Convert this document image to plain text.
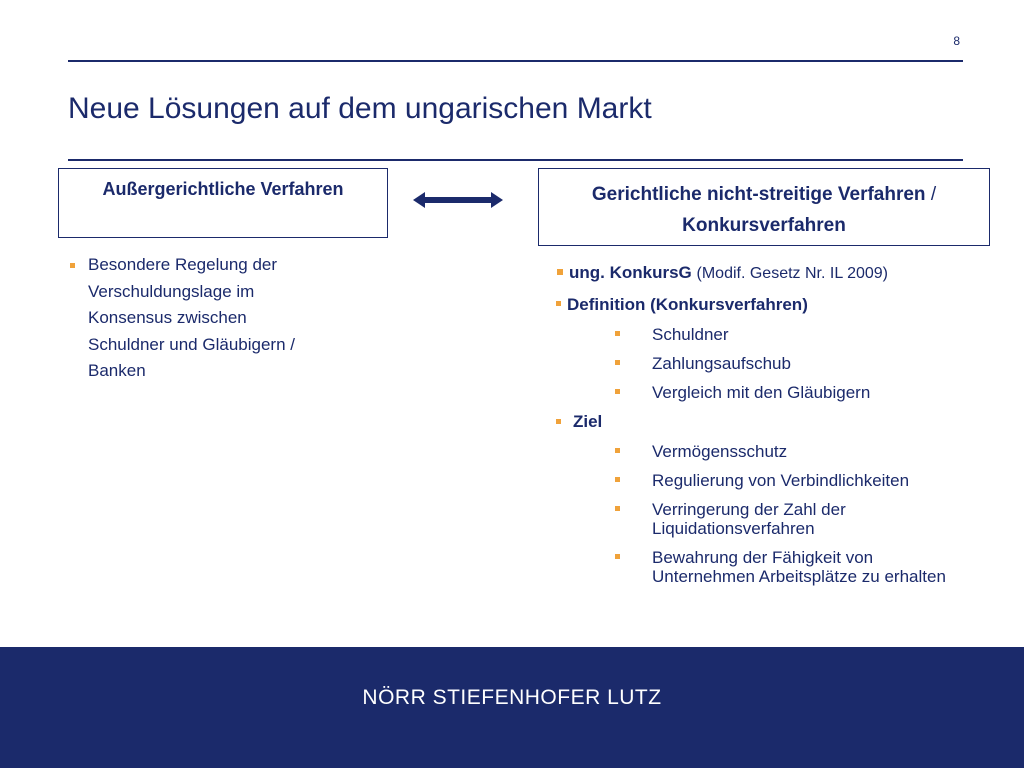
8
Neue Lösungen auf dem ungarischen Markt
Außergerichtliche Verfahren	Gerichtliche nicht-streitige Verfahren /
Konkursverfahren
Besondere Regelung der Verschuldungslage im Konsensus zwischen Schuldner und Gläubigern / Banken
ung. KonkursG (Modif. Gesetz Nr. IL 2009)
Definition (Konkursverfahren)
Schuldner
Zahlungsaufschub
Vergleich mit den Gläubigern
Ziel
Vermögensschutz
Regulierung von Verbindlichkeiten
Verringerung der Zahl der Liquidationsverfahren
Bewahrung der Fähigkeit von Unternehmen Arbeitsplätze zu erhalten
NÖRR STIEFENHOFER LUTZ
